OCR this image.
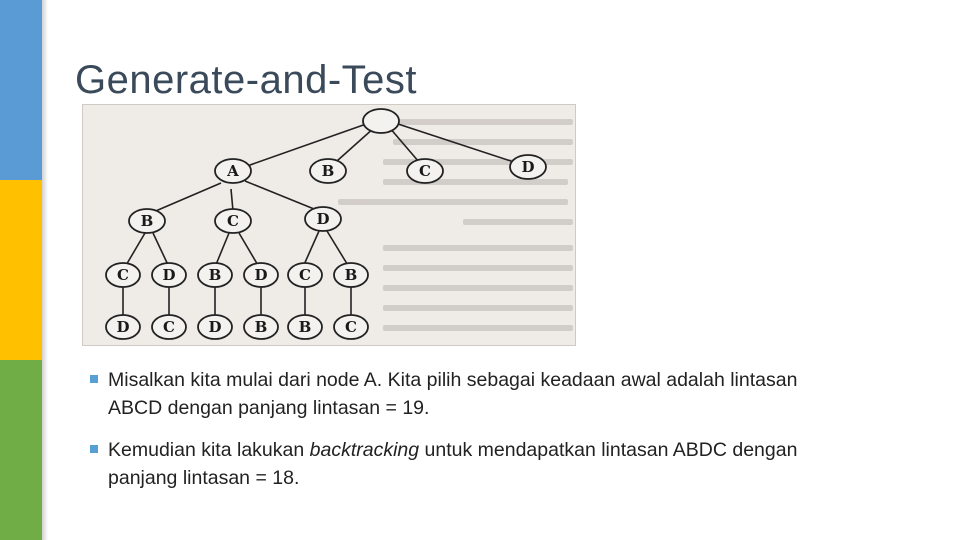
Generate-and-Test
A	B	C	D
B	C	D
C D B D C B
D C D B B C
Misalkan kita mulai dari node A. Kita pilih sebagai keadaan awal adalah lintasan ABCD dengan panjang lintasan = 19.
Kemudian kita lakukan backtracking untuk mendapatkan lintasan ABDC dengan panjang lintasan = 18.
